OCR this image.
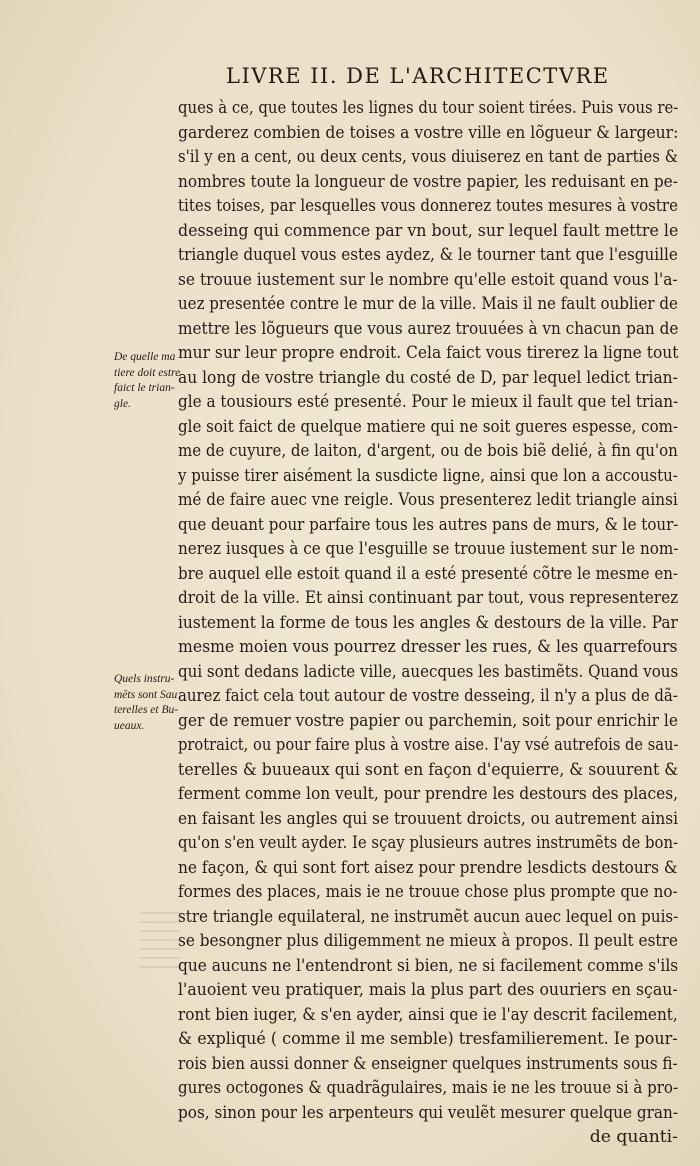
LIVRE II. DE L'ARCHITECTVRE
De quelle ma
tiere doit estre
faict le trian-
gle.
Quels instru-
mēts sont Sau
terelles et Bu-
ueaux.
ques à ce, que toutes les lignes du tour soient tirées. Puis vous re-
garderez combien de toises a vostre ville en lõgueur & largeur:
s'il y en a cent, ou deux cents, vous diuiserez en tant de parties &
nombres toute la longueur de vostre papier, les reduisant en pe-
tites toises, par lesquelles vous donnerez toutes mesures à vostre
desseing qui commence par vn bout, sur lequel fault mettre le
triangle duquel vous estes aydez, & le tourner tant que l'esguille
se trouue iustement sur le nombre qu'elle estoit quand vous l'a-
uez presentée contre le mur de la ville. Mais il ne fault oublier de
mettre les lõgueurs que vous aurez trouuées à vn chacun pan de
mur sur leur propre endroit. Cela faict vous tirerez la ligne tout
au long de vostre triangle du costé de D, par lequel ledict trian-
gle a tousiours esté presenté. Pour le mieux il fault que tel trian-
gle soit faict de quelque matiere qui ne soit gueres espesse, com-
me de cuyure, de laiton, d'argent, ou de bois biẽ delié, à fin qu'on
y puisse tirer aisément la susdicte ligne, ainsi que lon a accoustu-
mé de faire auec vne reigle. Vous presenterez ledit triangle ainsi
que deuant pour parfaire tous les autres pans de murs, & le tour-
nerez iusques à ce que l'esguille se trouue iustement sur le nom-
bre auquel elle estoit quand il a esté presenté cõtre le mesme en-
droit de la ville. Et ainsi continuant par tout, vous representerez
iustement la forme de tous les angles & destours de la ville. Par
mesme moien vous pourrez dresser les rues, & les quarrefours
qui sont dedans ladicte ville, auecques les bastimẽts. Quand vous
aurez faict cela tout autour de vostre desseing, il n'y a plus de dã-
ger de remuer vostre papier ou parchemin, soit pour enrichir le
protraict, ou pour faire plus à vostre aise. I'ay vsé autrefois de sau-
terelles & buueaux qui sont en façon d'equierre, & souurent &
ferment comme lon veult, pour prendre les destours des places,
en faisant les angles qui se trouuent droicts, ou autrement ainsi
qu'on s'en veult ayder. Ie sçay plusieurs autres instrumẽts de bon-
ne façon, & qui sont fort aisez pour prendre lesdicts destours &
formes des places, mais ie ne trouue chose plus prompte que no-
stre triangle equilateral, ne instrumẽt aucun auec lequel on puis-
se besongner plus diligemment ne mieux à propos. Il peult estre
que aucuns ne l'entendront si bien, ne si facilement comme s'ils
l'auoient veu pratiquer, mais la plus part des ouuriers en sçau-
ront bien iuger, & s'en ayder, ainsi que ie l'ay descrit facilement,
& expliqué ( comme il me semble) tresfamilierement. Ie pour-
rois bien aussi donner & enseigner quelques instruments sous fi-
gures octogones & quadrãgulaires, mais ie ne les trouue si à pro-
pos, sinon pour les arpenteurs qui veulẽt mesurer quelque gran-
de quanti-
